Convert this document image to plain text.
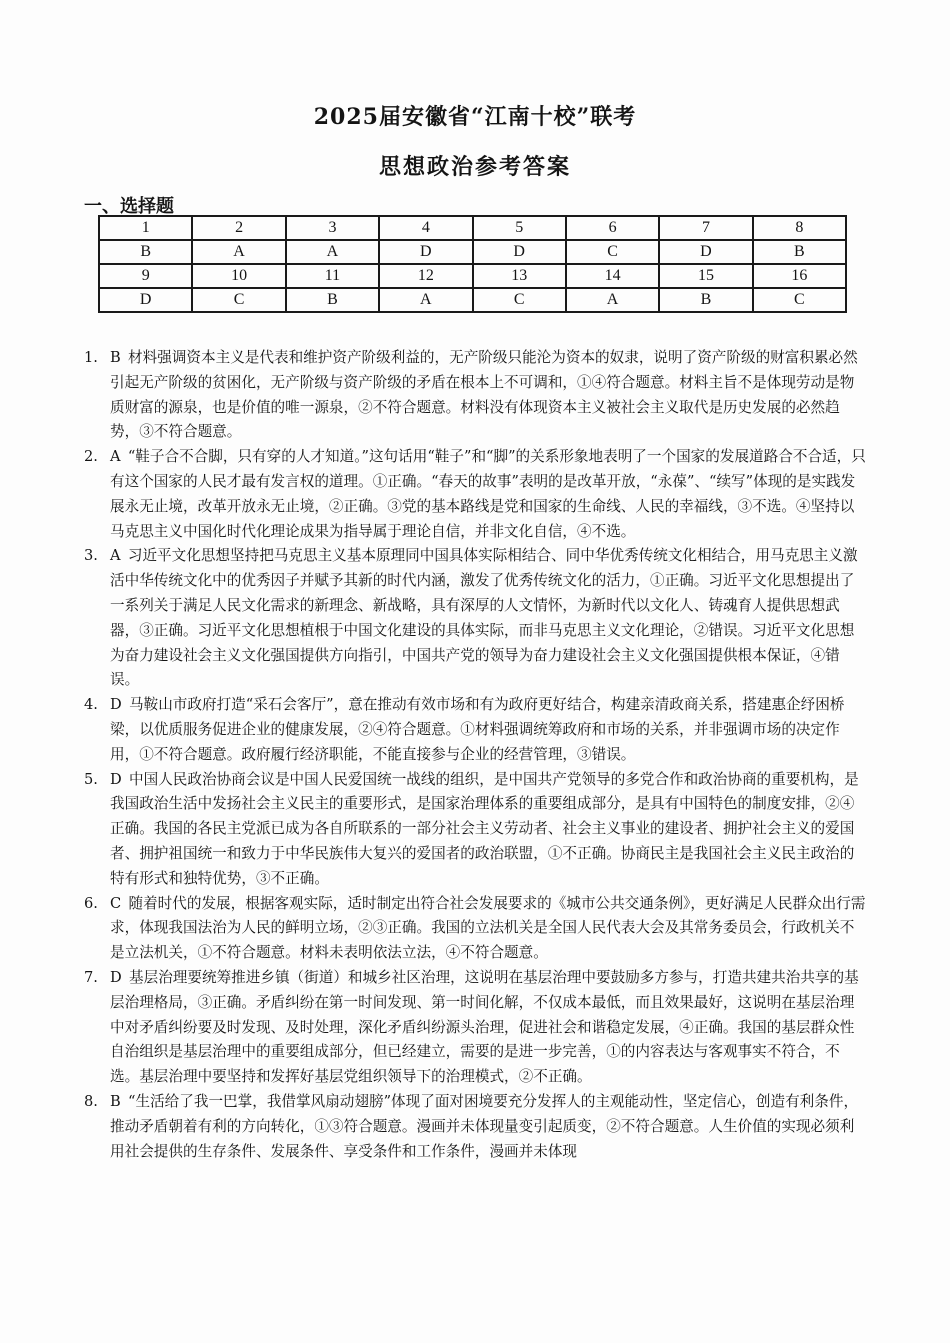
2025届安徽省“江南十校”联考
思想政治参考答案
一、选择题
1	2	3	4	5	6	7	8
B	A	A	D	D	C	D	B
9	10	11	12	13	14	15	16
D	C	B	A	C	A	B	C

1. B  材料强调资本主义是代表和维护资产阶级利益的，无产阶级只能沦为资本的奴隶，说明了资产阶级的财富积累必然引起无产阶级的贫困化，无产阶级与资产阶级的矛盾在根本上不可调和，①④符合题意。材料主旨不是体现劳动是物质财富的源泉，也是价值的唯一源泉，②不符合题意。材料没有体现资本主义被社会主义取代是历史发展的必然趋势，③不符合题意。

2. A  “鞋子合不合脚，只有穿的人才知道。”这句话用“鞋子”和“脚”的关系形象地表明了一个国家的发展道路合不合适，只有这个国家的人民才最有发言权的道理。①正确。“春天的故事”表明的是改革开放，“永葆”、“续写”体现的是实践发展永无止境，改革开放永无止境，②正确。③党的基本路线是党和国家的生命线、人民的幸福线，③不选。④坚持以马克思主义中国化时代化理论成果为指导属于理论自信，并非文化自信，④不选。

3. A  习近平文化思想坚持把马克思主义基本原理同中国具体实际相结合、同中华优秀传统文化相结合，用马克思主义激活中华传统文化中的优秀因子并赋予其新的时代内涵，激发了优秀传统文化的活力，①正确。习近平文化思想提出了一系列关于满足人民文化需求的新理念、新战略，具有深厚的人文情怀，为新时代以文化人、铸魂育人提供思想武器，③正确。习近平文化思想植根于中国文化建设的具体实际，而非马克思主义文化理论，②错误。习近平文化思想为奋力建设社会主义文化强国提供方向指引，中国共产党的领导为奋力建设社会主义文化强国提供根本保证，④错误。

4. D  马鞍山市政府打造“采石会客厅”，意在推动有效市场和有为政府更好结合，构建亲清政商关系，搭建惠企纾困桥梁，以优质服务促进企业的健康发展，②④符合题意。①材料强调统筹政府和市场的关系，并非强调市场的决定作用，①不符合题意。政府履行经济职能，不能直接参与企业的经营管理，③错误。

5. D  中国人民政治协商会议是中国人民爱国统一战线的组织，是中国共产党领导的多党合作和政治协商的重要机构，是我国政治生活中发扬社会主义民主的重要形式，是国家治理体系的重要组成部分，是具有中国特色的制度安排，②④正确。我国的各民主党派已成为各自所联系的一部分社会主义劳动者、社会主义事业的建设者、拥护社会主义的爱国者、拥护祖国统一和致力于中华民族伟大复兴的爱国者的政治联盟，①不正确。协商民主是我国社会主义民主政治的特有形式和独特优势，③不正确。

6. C  随着时代的发展，根据客观实际，适时制定出符合社会发展要求的《城市公共交通条例》，更好满足人民群众出行需求，体现我国法治为人民的鲜明立场，②③正确。我国的立法机关是全国人民代表大会及其常务委员会，行政机关不是立法机关，①不符合题意。材料未表明依法立法，④不符合题意。

7. D  基层治理要统筹推进乡镇（街道）和城乡社区治理，这说明在基层治理中要鼓励多方参与，打造共建共治共享的基层治理格局，③正确。矛盾纠纷在第一时间发现、第一时间化解，不仅成本最低，而且效果最好，这说明在基层治理中对矛盾纠纷要及时发现、及时处理，深化矛盾纠纷源头治理，促进社会和谐稳定发展，④正确。我国的基层群众性自治组织是基层治理中的重要组成部分，但已经建立，需要的是进一步完善，①的内容表达与客观事实不符合，不选。基层治理中要坚持和发挥好基层党组织领导下的治理模式，②不正确。

8. B  “生活给了我一巴掌，我借掌风扇动翅膀”体现了面对困境要充分发挥人的主观能动性，坚定信心，创造有利条件，推动矛盾朝着有利的方向转化，①③符合题意。漫画并未体现量变引起质变，②不符合题意。人生价值的实现必须利用社会提供的生存条件、发展条件、享受条件和工作条件，漫画并未体现
